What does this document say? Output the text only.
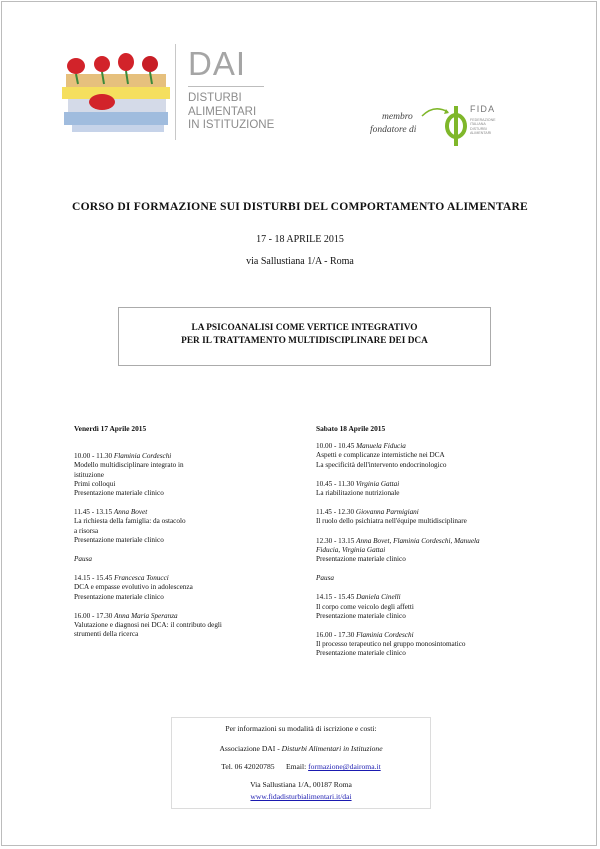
DAI
DISTURBI
ALIMENTARI
IN ISTITUZIONE
membro
fondatore di
FIDA
FEDERAZIONE
ITALIANA
DISTURBI
ALIMENTARI
CORSO DI FORMAZIONE SUI DISTURBI DEL COMPORTAMENTO ALIMENTARE
17 - 18 APRILE 2015
via Sallustiana 1/A - Roma
LA PSICOANALISI COME VERTICE INTEGRATIVO
PER IL TRATTAMENTO MULTIDISCIPLINARE DEI DCA
Venerdì 17 Aprile 2015

10.00 - 11.30 Flaminia Cordeschi

Modello multidisciplinare integrato in
istituzione
Primi colloqui
Presentazione materiale clinico

11.45 - 13.15 Anna Bovet

La richiesta della famiglia: da ostacolo
a risorsa
Presentazione materiale clinico

Pausa

14.15 - 15.45 Francesca Tonucci

DCA e empasse evolutivo in adolescenza
Presentazione materiale clinico

16.00 - 17.30 Anna Maria Speranza

Valutazione e diagnosi nei DCA: il contributo degli
strumenti della ricerca

Sabato 18 Aprile 2015

10.00 - 10.45 Manuela Fiducia

Aspetti e complicanze internistiche nei DCA
La specificità dell'intervento endocrinologico

10.45 - 11.30 Virginia Gattai

La riabilitazione nutrizionale

11.45 - 12.30 Giovanna Parmigiani

Il ruolo dello psichiatra nell'équipe multidisciplinare

12.30 - 13.15 Anna Bovet, Flaminia Cordeschi, Manuela
Fiducia, Virginia Gattai

Presentazione materiale clinico

Pausa

14.15 - 15.45 Daniela Cinelli

Il corpo come veicolo degli affetti
Presentazione materiale clinico

16.00 - 17.30 Flaminia Cordeschi

Il processo terapeutico nel gruppo monosintomatico
Presentazione materiale clinico

Per informazioni su modalità di iscrizione e costi:
Associazione DAI - Disturbi Alimentari in Istituzione
Tel. 06 42020785 Email: formazione@dairoma.it
Via Sallustiana 1/A, 00187 Roma
www.fidadisturbialimentari.it/dai
